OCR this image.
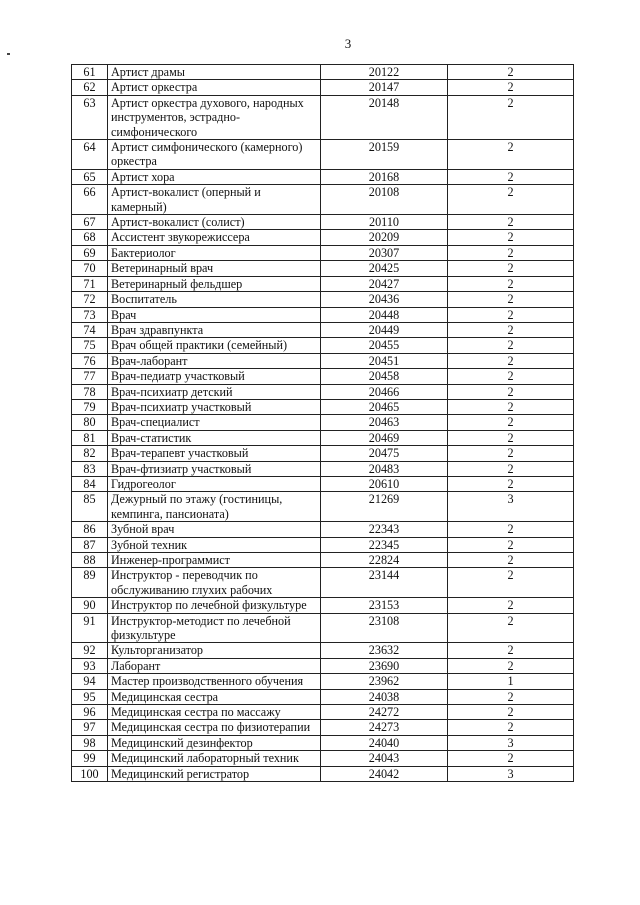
3
61	Артист драмы	20122	2
62	Артист оркестра	20147	2
63	Артист оркестра духового, народных инструментов, эстрадно-симфонического	20148	2
64	Артист симфонического (камерного) оркестра	20159	2
65	Артист хора	20168	2
66	Артист-вокалист (оперный и камерный)	20108	2
67	Артист-вокалист (солист)	20110	2
68	Ассистент звукорежиссера	20209	2
69	Бактериолог	20307	2
70	Ветеринарный врач	20425	2
71	Ветеринарный фельдшер	20427	2
72	Воспитатель	20436	2
73	Врач	20448	2
74	Врач здравпункта	20449	2
75	Врач общей практики (семейный)	20455	2
76	Врач-лаборант	20451	2
77	Врач-педиатр участковый	20458	2
78	Врач-психиатр детский	20466	2
79	Врач-психиатр участковый	20465	2
80	Врач-специалист	20463	2
81	Врач-статистик	20469	2
82	Врач-терапевт участковый	20475	2
83	Врач-фтизиатр участковый	20483	2
84	Гидрогеолог	20610	2
85	Дежурный по этажу (гостиницы, кемпинга, пансионата)	21269	3
86	Зубной врач	22343	2
87	Зубной техник	22345	2
88	Инженер-программист	22824	2
89	Инструктор - переводчик по обслуживанию глухих рабочих	23144	2
90	Инструктор по лечебной физкультуре	23153	2
91	Инструктор-методист по лечебной физкультуре	23108	2
92	Культорганизатор	23632	2
93	Лаборант	23690	2
94	Мастер производственного обучения	23962	1
95	Медицинская сестра	24038	2
96	Медицинская сестра по массажу	24272	2
97	Медицинская сестра по физиотерапии	24273	2
98	Медицинский дезинфектор	24040	3
99	Медицинский лабораторный техник	24043	2
100	Медицинский регистратор	24042	3
